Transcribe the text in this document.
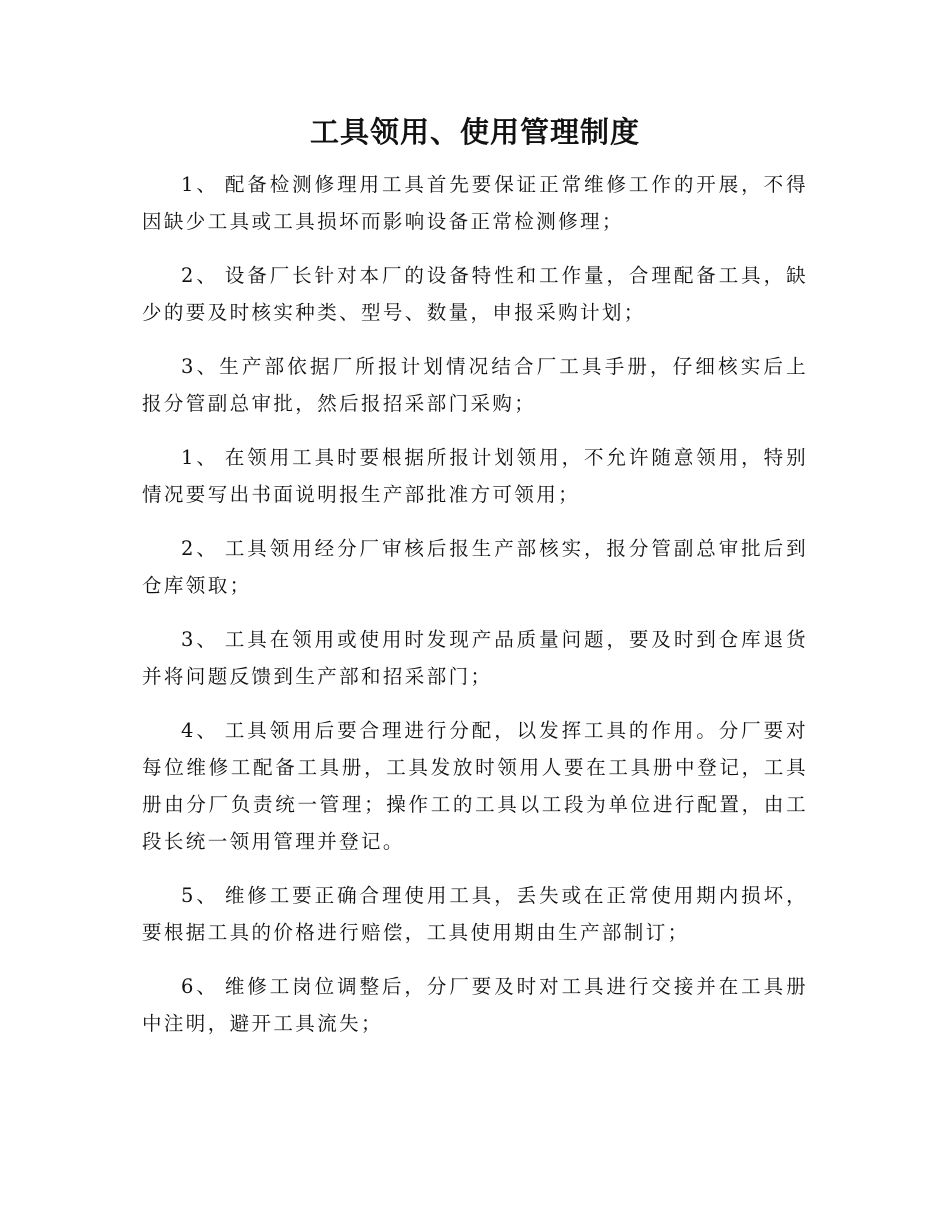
工具领用、使用管理制度

1、 配备检测修理用工具首先要保证正常维修工作的开展，不得因缺少工具或工具损坏而影响设备正常检测修理；

2、 设备厂长针对本厂的设备特性和工作量，合理配备工具，缺少的要及时核实种类、型号、数量，申报采购计划；

3、生产部依据厂所报计划情况结合厂工具手册，仔细核实后上报分管副总审批，然后报招采部门采购；

1、 在领用工具时要根据所报计划领用，不允许随意领用，特别情况要写出书面说明报生产部批准方可领用；

2、 工具领用经分厂审核后报生产部核实，报分管副总审批后到仓库领取；

3、 工具在领用或使用时发现产品质量问题，要及时到仓库退货并将问题反馈到生产部和招采部门；

4、 工具领用后要合理进行分配，以发挥工具的作用。分厂要对每位维修工配备工具册，工具发放时领用人要在工具册中登记，工具册由分厂负责统一管理；操作工的工具以工段为单位进行配置，由工段长统一领用管理并登记。

5、 维修工要正确合理使用工具，丢失或在正常使用期内损坏，要根据工具的价格进行赔偿，工具使用期由生产部制订；

6、 维修工岗位调整后，分厂要及时对工具进行交接并在工具册中注明，避开工具流失；
